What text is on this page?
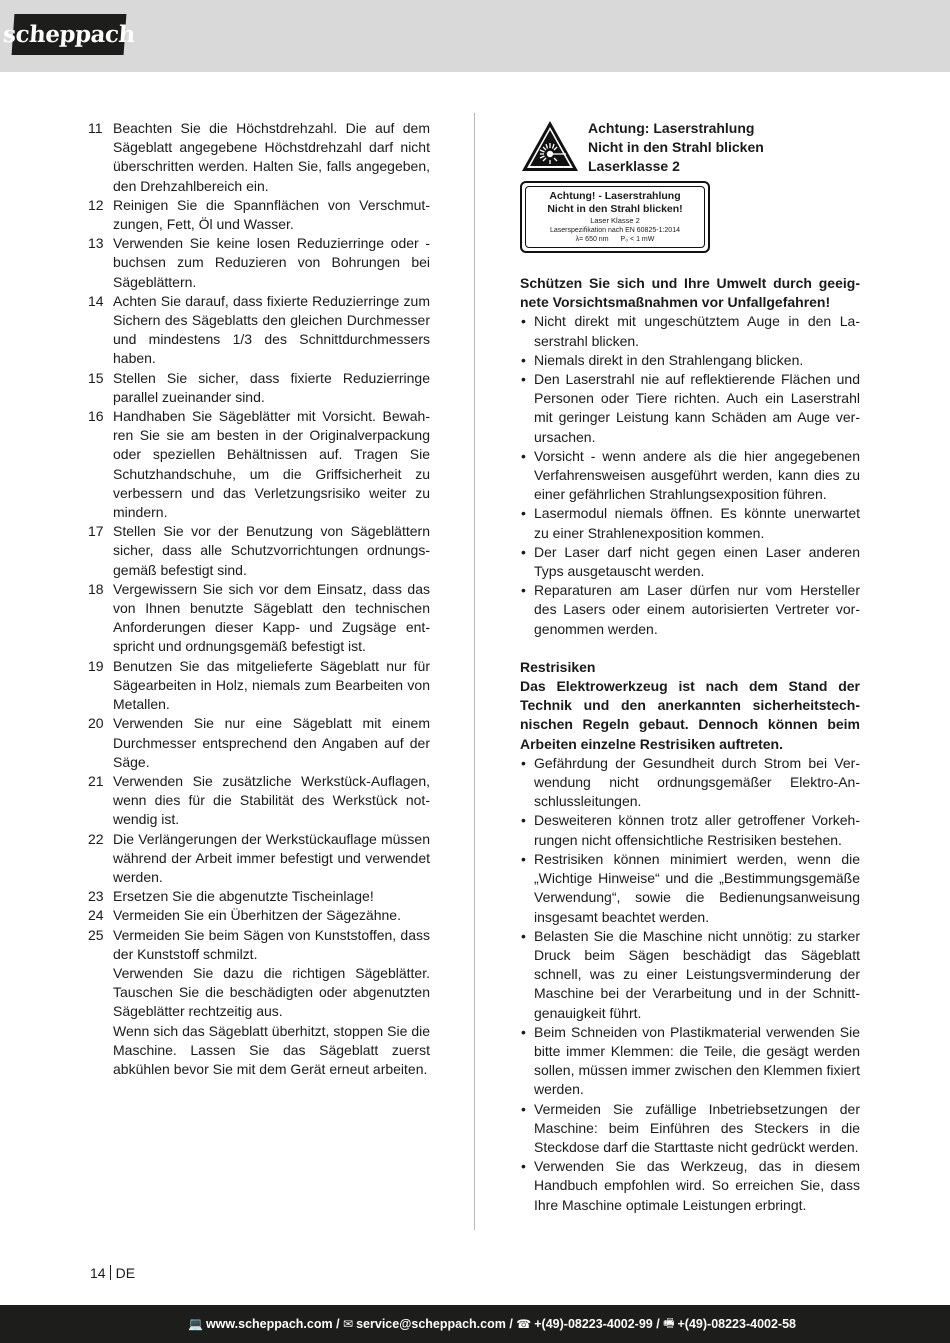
scheppach
11 Beachten Sie die Höchstdrehzahl. Die auf dem Sägeblatt angegebene Höchstdrehzahl darf nicht überschritten werden. Halten Sie, falls angegeben, den Drehzahlbereich ein.

12 Reinigen Sie die Spannflächen von Verschmutzungen, Fett, Öl und Wasser.

13 Verwenden Sie keine losen Reduzierringe oder -buchsen zum Reduzieren von Bohrungen bei Sägeblättern.

14 Achten Sie darauf, dass fixierte Reduzierringe zum Sichern des Sägeblatts den gleichen Durchmesser und mindestens 1/3 des Schnittdurchmessers haben.

15 Stellen Sie sicher, dass fixierte Reduzierringe parallel zueinander sind.

16 Handhaben Sie Sägeblätter mit Vorsicht. Bewahren Sie sie am besten in der Originalverpackung oder speziellen Behältnissen auf. Tragen Sie Schutzhandschuhe, um die Griffsicherheit zu verbessern und das Verletzungsrisiko weiter zu mindern.

17 Stellen Sie vor der Benutzung von Sägeblättern sicher, dass alle Schutzvorrichtungen ordnungsgemäß befestigt sind.

18 Vergewissern Sie sich vor dem Einsatz, dass das von Ihnen benutzte Sägeblatt den technischen Anforderungen dieser Kapp- und Zugsäge entspricht und ordnungsgemäß befestigt ist.

19 Benutzen Sie das mitgelieferte Sägeblatt nur für Sägearbeiten in Holz, niemals zum Bearbeiten von Metallen.

20 Verwenden Sie nur eine Sägeblatt mit einem Durchmesser entsprechend den Angaben auf der Säge.

21 Verwenden Sie zusätzliche Werkstück-Auflagen, wenn dies für die Stabilität des Werkstück notwendig ist.

22 Die Verlängerungen der Werkstückauflage müssen während der Arbeit immer befestigt und verwendet werden.

23 Ersetzen Sie die abgenutzte Tischeinlage!

24 Vermeiden Sie ein Überhitzen der Sägezähne.

25 Vermeiden Sie beim Sägen von Kunststoffen, dass der Kunststoff schmilzt.

Verwenden Sie dazu die richtigen Sägeblätter. Tauschen Sie die beschädigten oder abgenutzten Sägeblätter rechtzeitig aus.

Wenn sich das Sägeblatt überhitzt, stoppen Sie die Maschine. Lassen Sie das Sägeblatt zuerst abkühlen bevor Sie mit dem Gerät erneut arbeiten.

Achtung: Laserstrahlung
Nicht in den Strahl blicken
Laserklasse 2
Achtung! - Laserstrahlung
Nicht in den Strahl blicken!
Laser Klasse 2
Laserspezifikation nach EN 60825-1:2014
λ= 650 nm P₀ < 1 mW

Schützen Sie sich und Ihre Umwelt durch geeignete Vorsichtsmaßnahmen vor Unfallgefahren!

• Nicht direkt mit ungeschütztem Auge in den Laserstrahl blicken.
• Niemals direkt in den Strahlengang blicken.
• Den Laserstrahl nie auf reflektierende Flächen und Personen oder Tiere richten. Auch ein Laserstrahl mit geringer Leistung kann Schäden am Auge verursachen.
• Vorsicht - wenn andere als die hier angegebenen Verfahrensweisen ausgeführt werden, kann dies zu einer gefährlichen Strahlungsexposition führen.
• Lasermodul niemals öffnen. Es könnte unerwartet zu einer Strahlenexposition kommen.
• Der Laser darf nicht gegen einen Laser anderen Typs ausgetauscht werden.
• Reparaturen am Laser dürfen nur vom Hersteller des Lasers oder einem autorisierten Vertreter vorgenommen werden.

Restrisiken

Das Elektrowerkzeug ist nach dem Stand der Technik und den anerkannten sicherheitstechnischen Regeln gebaut. Dennoch können beim Arbeiten einzelne Restrisiken auftreten.

• Gefährdung der Gesundheit durch Strom bei Verwendung nicht ordnungsgemäßer Elektro-Anschlussleitungen.
• Desweiteren können trotz aller getroffener Vorkehrungen nicht offensichtliche Restrisiken bestehen.
• Restrisiken können minimiert werden, wenn die „Wichtige Hinweise“ und die „Bestimmungsgemäße Verwendung“, sowie die Bedienungsanweisung insgesamt beachtet werden.
• Belasten Sie die Maschine nicht unnötig: zu starker Druck beim Sägen beschädigt das Sägeblatt schnell, was zu einer Leistungsverminderung der Maschine bei der Verarbeitung und in der Schnittgenauigkeit führt.
• Beim Schneiden von Plastikmaterial verwenden Sie bitte immer Klemmen: die Teile, die gesägt werden sollen, müssen immer zwischen den Klemmen fixiert werden.
• Vermeiden Sie zufällige Inbetriebsetzungen der Maschine: beim Einführen des Steckers in die Steckdose darf die Starttaste nicht gedrückt werden.
• Verwenden Sie das Werkzeug, das in diesem Handbuch empfohlen wird. So erreichen Sie, dass Ihre Maschine optimale Leistungen erbringt.
14 DE
💻 www.scheppach.com /
✉ service@scheppach.com /
☎ +(49)-08223-4002-99 /
🖷 +(49)-08223-4002-58
